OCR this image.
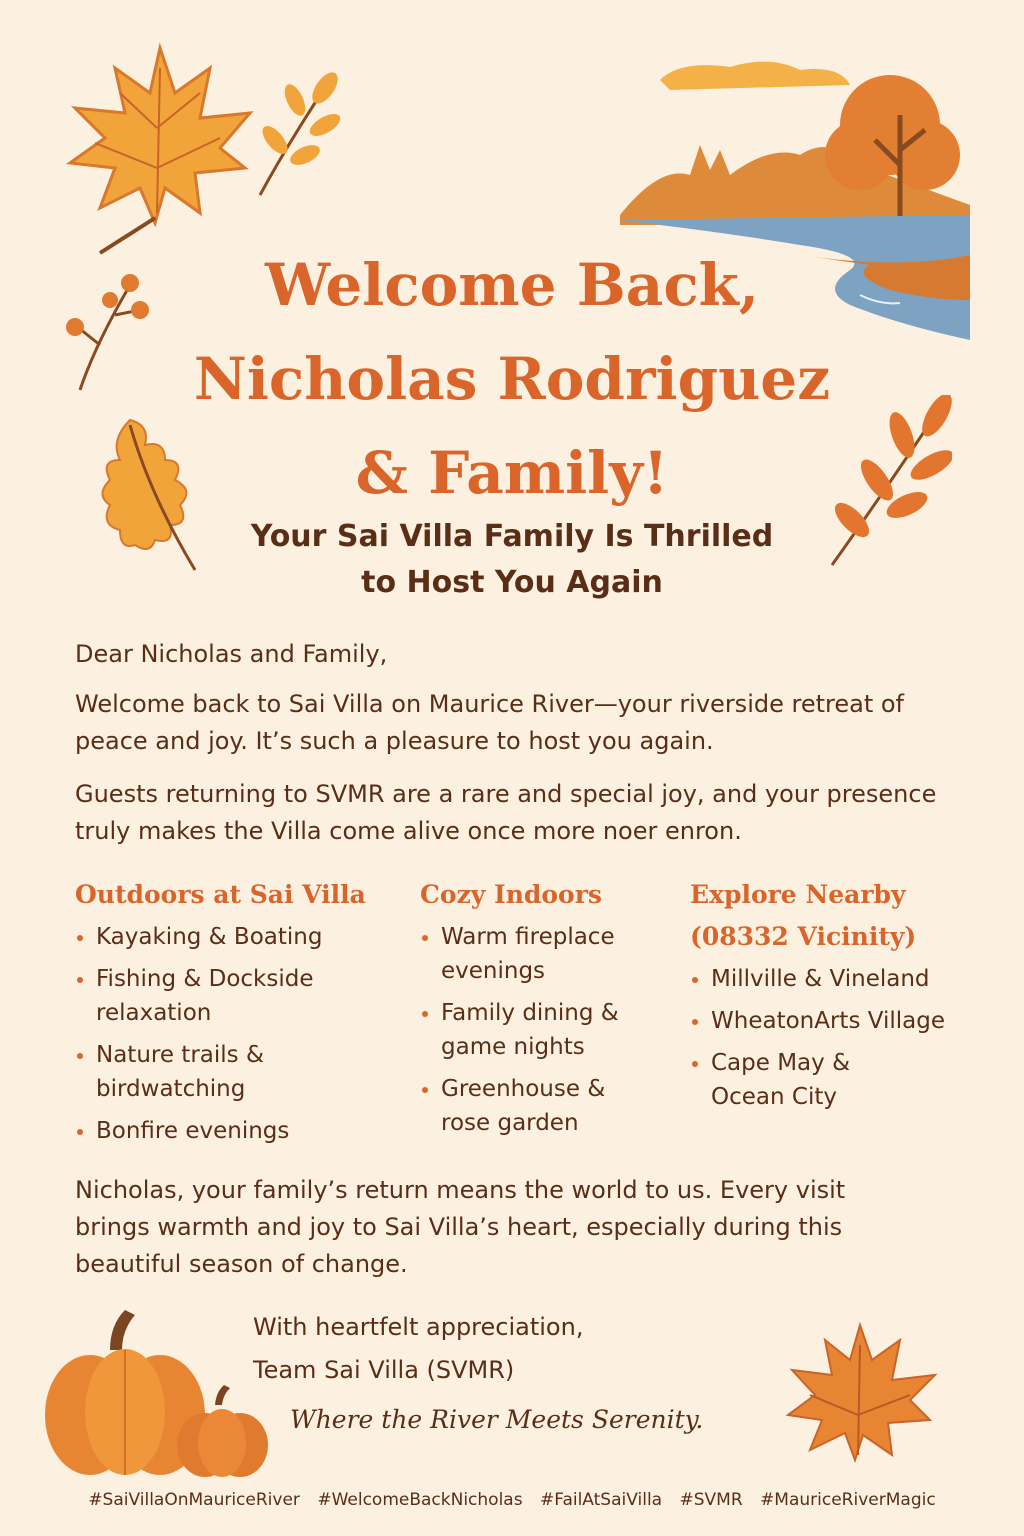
Welcome Back,
Nicholas Rodriguez
& Family!
Your Sai Villa Family Is Thrilled
to Host You Again
Dear Nicholas and Family,
Welcome back to Sai Villa on Maurice River—your riverside retreat of peace and joy. It’s such a pleasure to host you again.
Guests returning to SVMR are a rare and special joy, and your presence truly makes the Villa come alive once more noer enron.
Outdoors at Sai Villa
Kayaking & Boating
Fishing & Dockside relaxation
Nature trails & birdwatching
Bonfire evenings
Cozy Indoors
Warm fireplace evenings
Family dining & game nights
Greenhouse & rose garden
Explore Nearby (08332 Vicinity)
Millville & Vineland
WheatonArts Village
Cape May & Ocean City
Nicholas, your family’s return means the world to us. Every visit brings warmth and joy to Sai Villa’s heart, especially during this beautiful season of change.
With heartfelt appreciation,
Team Sai Villa (SVMR)
Where the River Meets Serenity.
#SaiVillaOnMauriceRiver #WelcomeBackNicholas #FailAtSaiVilla #SVMR #MauriceRiverMagic
